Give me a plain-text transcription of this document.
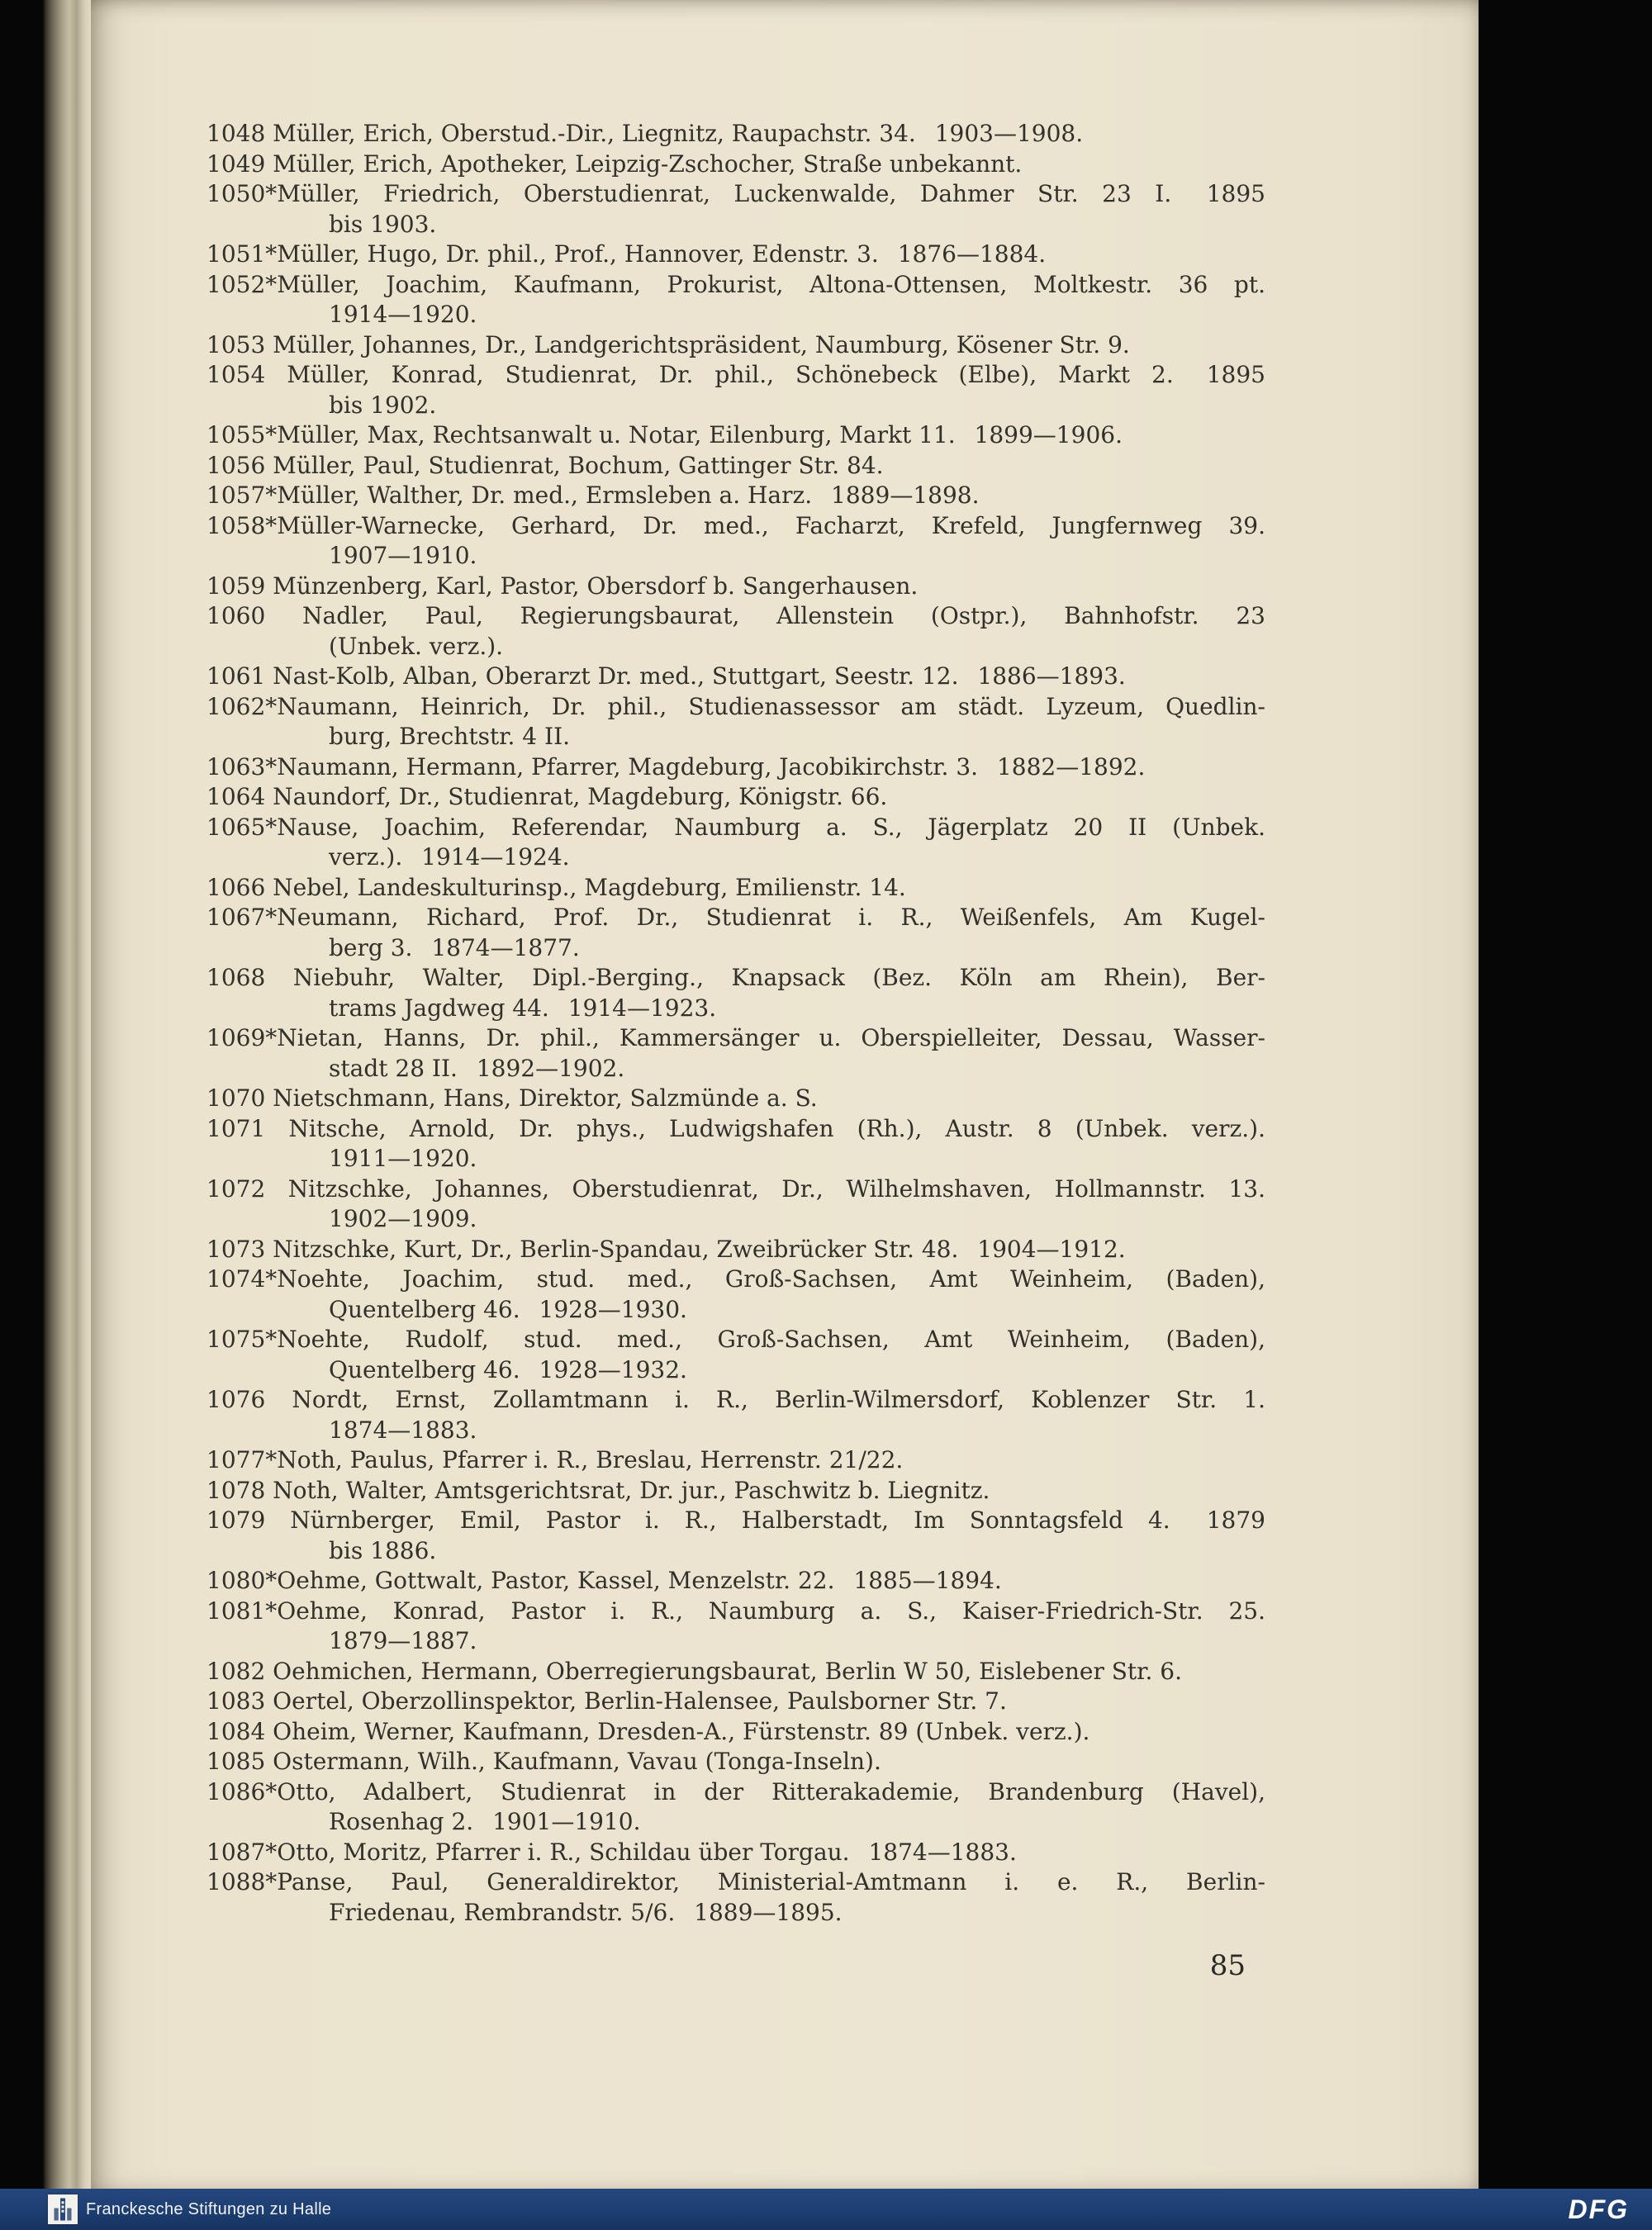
1048 Müller, Erich, Oberstud.-Dir., Liegnitz, Raupachstr. 34.  1903—1908.
1049 Müller, Erich, Apotheker, Leipzig-Zschocher, Straße unbekannt.
1050*Müller, Friedrich, Oberstudienrat, Luckenwalde, Dahmer Str. 23 I.  1895
bis 1903.
1051*Müller, Hugo, Dr. phil., Prof., Hannover, Edenstr. 3.  1876—1884.
1052*Müller, Joachim, Kaufmann, Prokurist, Altona-Ottensen, Moltkestr. 36 pt.
1914—1920.
1053 Müller, Johannes, Dr., Landgerichtspräsident, Naumburg, Kösener Str. 9.
1054 Müller, Konrad, Studienrat, Dr. phil., Schönebeck (Elbe), Markt 2.  1895
bis 1902.
1055*Müller, Max, Rechtsanwalt u. Notar, Eilenburg, Markt 11.  1899—1906.
1056 Müller, Paul, Studienrat, Bochum, Gattinger Str. 84.
1057*Müller, Walther, Dr. med., Ermsleben a. Harz.  1889—1898.
1058*Müller-Warnecke, Gerhard, Dr. med., Facharzt, Krefeld, Jungfernweg 39.
1907—1910.
1059 Münzenberg, Karl, Pastor, Obersdorf b. Sangerhausen.
1060 Nadler, Paul, Regierungsbaurat, Allenstein (Ostpr.), Bahnhofstr. 23
(Unbek. verz.).
1061 Nast-Kolb, Alban, Oberarzt Dr. med., Stuttgart, Seestr. 12.  1886—1893.
1062*Naumann, Heinrich, Dr. phil., Studienassessor am städt. Lyzeum, Quedlin-
burg, Brechtstr. 4 II.
1063*Naumann, Hermann, Pfarrer, Magdeburg, Jacobikirchstr. 3.  1882—1892.
1064 Naundorf, Dr., Studienrat, Magdeburg, Königstr. 66.
1065*Nause, Joachim, Referendar, Naumburg a. S., Jägerplatz 20 II (Unbek.
verz.).  1914—1924.
1066 Nebel, Landeskulturinsp., Magdeburg, Emilienstr. 14.
1067*Neumann, Richard, Prof. Dr., Studienrat i. R., Weißenfels, Am Kugel-
berg 3.  1874—1877.
1068 Niebuhr, Walter, Dipl.-Berging., Knapsack (Bez. Köln am Rhein), Ber-
trams Jagdweg 44.  1914—1923.
1069*Nietan, Hanns, Dr. phil., Kammersänger u. Oberspielleiter, Dessau, Wasser-
stadt 28 II.  1892—1902.
1070 Nietschmann, Hans, Direktor, Salzmünde a. S.
1071 Nitsche, Arnold, Dr. phys., Ludwigshafen (Rh.), Austr. 8 (Unbek. verz.).
1911—1920.
1072 Nitzschke, Johannes, Oberstudienrat, Dr., Wilhelmshaven, Hollmannstr. 13.
1902—1909.
1073 Nitzschke, Kurt, Dr., Berlin-Spandau, Zweibrücker Str. 48.  1904—1912.
1074*Noehte, Joachim, stud. med., Groß-Sachsen, Amt Weinheim, (Baden),
Quentelberg 46.  1928—1930.
1075*Noehte, Rudolf, stud. med., Groß-Sachsen, Amt Weinheim, (Baden),
Quentelberg 46.  1928—1932.
1076 Nordt, Ernst, Zollamtmann i. R., Berlin-Wilmersdorf, Koblenzer Str. 1.
1874—1883.
1077*Noth, Paulus, Pfarrer i. R., Breslau, Herrenstr. 21/22.
1078 Noth, Walter, Amtsgerichtsrat, Dr. jur., Paschwitz b. Liegnitz.
1079 Nürnberger, Emil, Pastor i. R., Halberstadt, Im Sonntagsfeld 4.  1879
bis 1886.
1080*Oehme, Gottwalt, Pastor, Kassel, Menzelstr. 22.  1885—1894.
1081*Oehme, Konrad, Pastor i. R., Naumburg a. S., Kaiser-Friedrich-Str. 25.
1879—1887.
1082 Oehmichen, Hermann, Oberregierungsbaurat, Berlin W 50, Eislebener Str. 6.
1083 Oertel, Oberzollinspektor, Berlin-Halensee, Paulsborner Str. 7.
1084 Oheim, Werner, Kaufmann, Dresden-A., Fürstenstr. 89 (Unbek. verz.).
1085 Ostermann, Wilh., Kaufmann, Vavau (Tonga-Inseln).
1086*Otto, Adalbert, Studienrat in der Ritterakademie, Brandenburg (Havel),
Rosenhag 2.  1901—1910.
1087*Otto, Moritz, Pfarrer i. R., Schildau über Torgau.  1874—1883.
1088*Panse, Paul, Generaldirektor, Ministerial-Amtmann i. e. R., Berlin-
Friedenau, Rembrandstr. 5/6.  1889—1895.
85
Franckesche Stiftungen zu Halle	DFG
